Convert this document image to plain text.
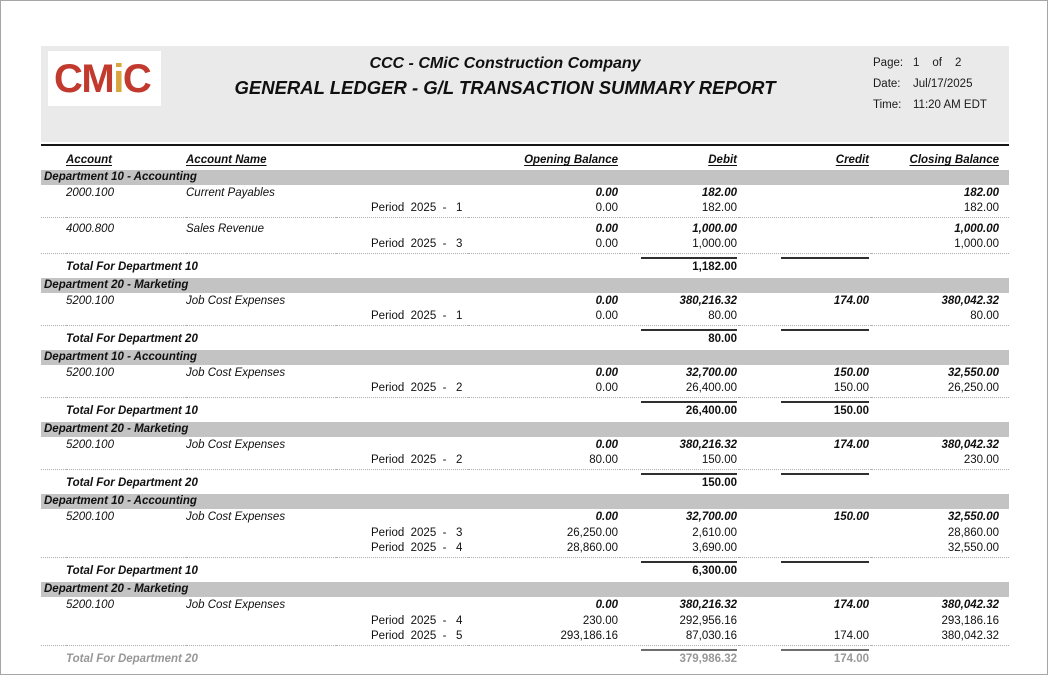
CMiC	CCC - CMiC Construction Company
GENERAL LEDGER - G/L TRANSACTION SUMMARY REPORT
Page: 1 of 2
Date:	Jul/17/2025
Time:	11:20 AM EDT
	Account	Account Name		Opening Balance	Debit	Credit	Closing Balance
Department 10 - Accounting							
	2000.100	Current Payables		0.00	182.00		182.00
			Period  2025  -   1	0.00	182.00		182.00

	4000.800	Sales Revenue		0.00	1,000.00		1,000.00
			Period  2025  -   3	0.00	1,000.00		1,000.00

	Total For Department 10				1,182.00		

Department 20 - Marketing							
	5200.100	Job Cost Expenses		0.00	380,216.32	174.00	380,042.32
			Period  2025  -   1	0.00	80.00		80.00

	Total For Department 20				80.00		

Department 10 - Accounting							
	5200.100	Job Cost Expenses		0.00	32,700.00	150.00	32,550.00
			Period  2025  -   2	0.00	26,400.00	150.00	26,250.00

	Total For Department 10				26,400.00	150.00	

Department 20 - Marketing							
	5200.100	Job Cost Expenses		0.00	380,216.32	174.00	380,042.32
			Period  2025  -   2	80.00	150.00		230.00

	Total For Department 20				150.00		

Department 10 - Accounting							
	5200.100	Job Cost Expenses		0.00	32,700.00	150.00	32,550.00
			Period  2025  -   3	26,250.00	2,610.00		28,860.00
			Period  2025  -   4	28,860.00	3,690.00		32,550.00

	Total For Department 10				6,300.00		

Department 20 - Marketing							
	5200.100	Job Cost Expenses		0.00	380,216.32	174.00	380,042.32
			Period  2025  -   4	230.00	292,956.16		293,186.16
			Period  2025  -   5	293,186.16	87,030.16	174.00	380,042.32

	Total For Department 20				379,986.32	174.00	
